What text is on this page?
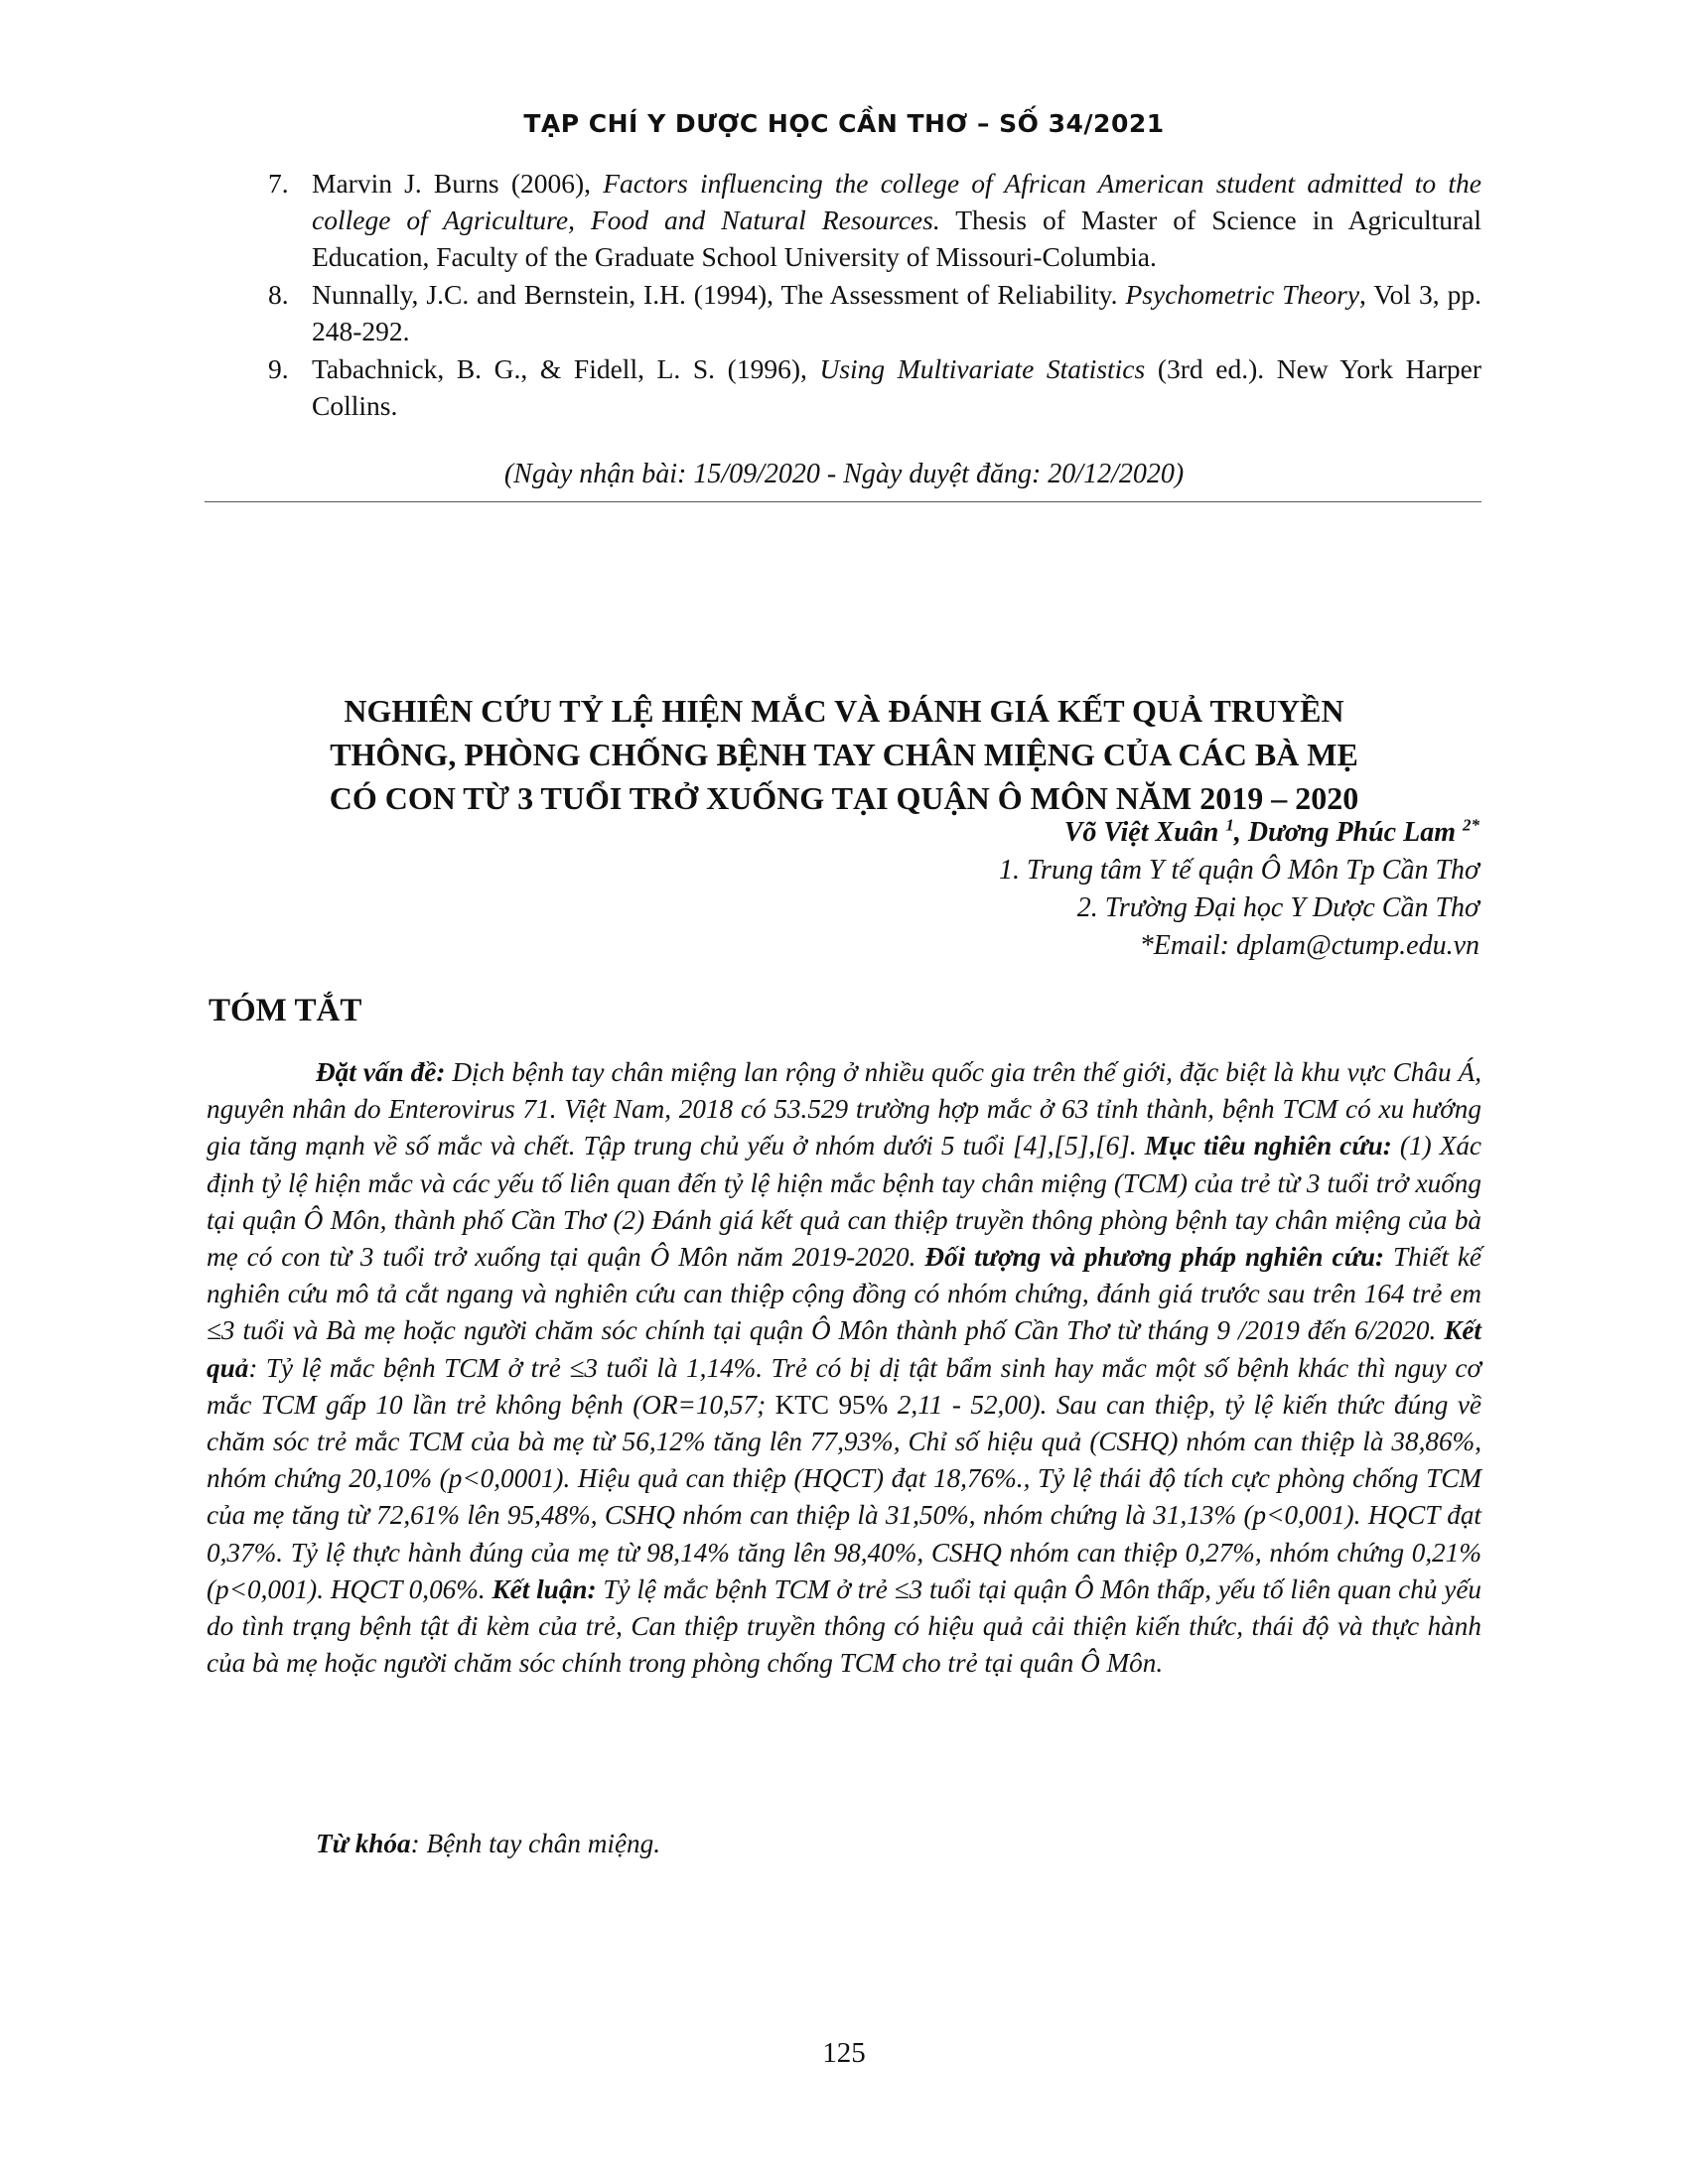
TẠP CHÍ Y DƯỢC HỌC CẦN THƠ – SỐ 34/2021
7. Marvin J. Burns (2006), Factors influencing the college of African American student admitted to the college of Agriculture, Food and Natural Resources. Thesis of Master of Science in Agricultural Education, Faculty of the Graduate School University of Missouri-Columbia.
8. Nunnally, J.C. and Bernstein, I.H. (1994), The Assessment of Reliability. Psychometric Theory, Vol 3, pp. 248-292.
9. Tabachnick, B. G., & Fidell, L. S. (1996), Using Multivariate Statistics (3rd ed.). New York Harper Collins.
(Ngày nhận bài: 15/09/2020 - Ngày duyệt đăng: 20/12/2020)
NGHIÊN CỨU TỶ LỆ HIỆN MẮC VÀ ĐÁNH GIÁ KẾT QUẢ TRUYỀN
THÔNG, PHÒNG CHỐNG BỆNH TAY CHÂN MIỆNG CỦA CÁC BÀ MẸ
CÓ CON TỪ 3 TUỔI TRỞ XUỐNG TẠI QUẬN Ô MÔN NĂM 2019 – 2020
Võ Việt Xuân $^1$, Dương Phúc Lam $^{2*}$
1. Trung tâm Y tế quận Ô Môn Tp Cần Thơ
2. Trường Đại học Y Dược Cần Thơ
*Email: dplam@ctump.edu.vn
TÓM TẮT

Đặt vấn đề: Dịch bệnh tay chân miệng lan rộng ở nhiều quốc gia trên thế giới, đặc biệt là khu vực Châu Á, nguyên nhân do Enterovirus 71. Việt Nam, 2018 có 53.529 trường hợp mắc ở 63 tỉnh thành, bệnh TCM có xu hướng gia tăng mạnh về số mắc và chết. Tập trung chủ yếu ở nhóm dưới 5 tuổi [4],[5],[6]. Mục tiêu nghiên cứu: (1) Xác định tỷ lệ hiện mắc và các yếu tố liên quan đến tỷ lệ hiện mắc bệnh tay chân miệng (TCM) của trẻ từ 3 tuổi trở xuống tại quận Ô Môn, thành phố Cần Thơ (2) Đánh giá kết quả can thiệp truyền thông phòng bệnh tay chân miệng của bà mẹ có con từ 3 tuổi trở xuống tại quận Ô Môn năm 2019-2020. Đối tượng và phương pháp nghiên cứu: Thiết kế nghiên cứu mô tả cắt ngang và nghiên cứu can thiệp cộng đồng có nhóm chứng, đánh giá trước sau trên 164 trẻ em ≤3 tuổi và Bà mẹ hoặc người chăm sóc chính tại quận Ô Môn thành phố Cần Thơ từ tháng 9 /2019 đến 6/2020. Kết quả: Tỷ lệ mắc bệnh TCM ở trẻ ≤3 tuổi là 1,14%. Trẻ có bị dị tật bẩm sinh hay mắc một số bệnh khác thì nguy cơ mắc TCM gấp 10 lần trẻ không bệnh (OR=10,57; KTC 95% 2,11 - 52,00). Sau can thiệp, tỷ lệ kiến thức đúng về chăm sóc trẻ mắc TCM của bà mẹ từ 56,12% tăng lên 77,93%, Chỉ số hiệu quả (CSHQ) nhóm can thiệp là 38,86%, nhóm chứng 20,10% (p<0,0001). Hiệu quả can thiệp (HQCT) đạt 18,76%., Tỷ lệ thái độ tích cực phòng chống TCM của mẹ tăng từ 72,61% lên 95,48%, CSHQ nhóm can thiệp là 31,50%, nhóm chứng là 31,13% (p<0,001). HQCT đạt 0,37%. Tỷ lệ thực hành đúng của mẹ từ 98,14% tăng lên 98,40%, CSHQ nhóm can thiệp 0,27%, nhóm chứng 0,21% (p<0,001). HQCT 0,06%. Kết luận: Tỷ lệ mắc bệnh TCM ở trẻ ≤3 tuổi tại quận Ô Môn thấp, yếu tố liên quan chủ yếu do tình trạng bệnh tật đi kèm của trẻ, Can thiệp truyền thông có hiệu quả cải thiện kiến thức, thái độ và thực hành của bà mẹ hoặc người chăm sóc chính trong phòng chống TCM cho trẻ tại quân Ô Môn.

Từ khóa: Bệnh tay chân miệng.
125
